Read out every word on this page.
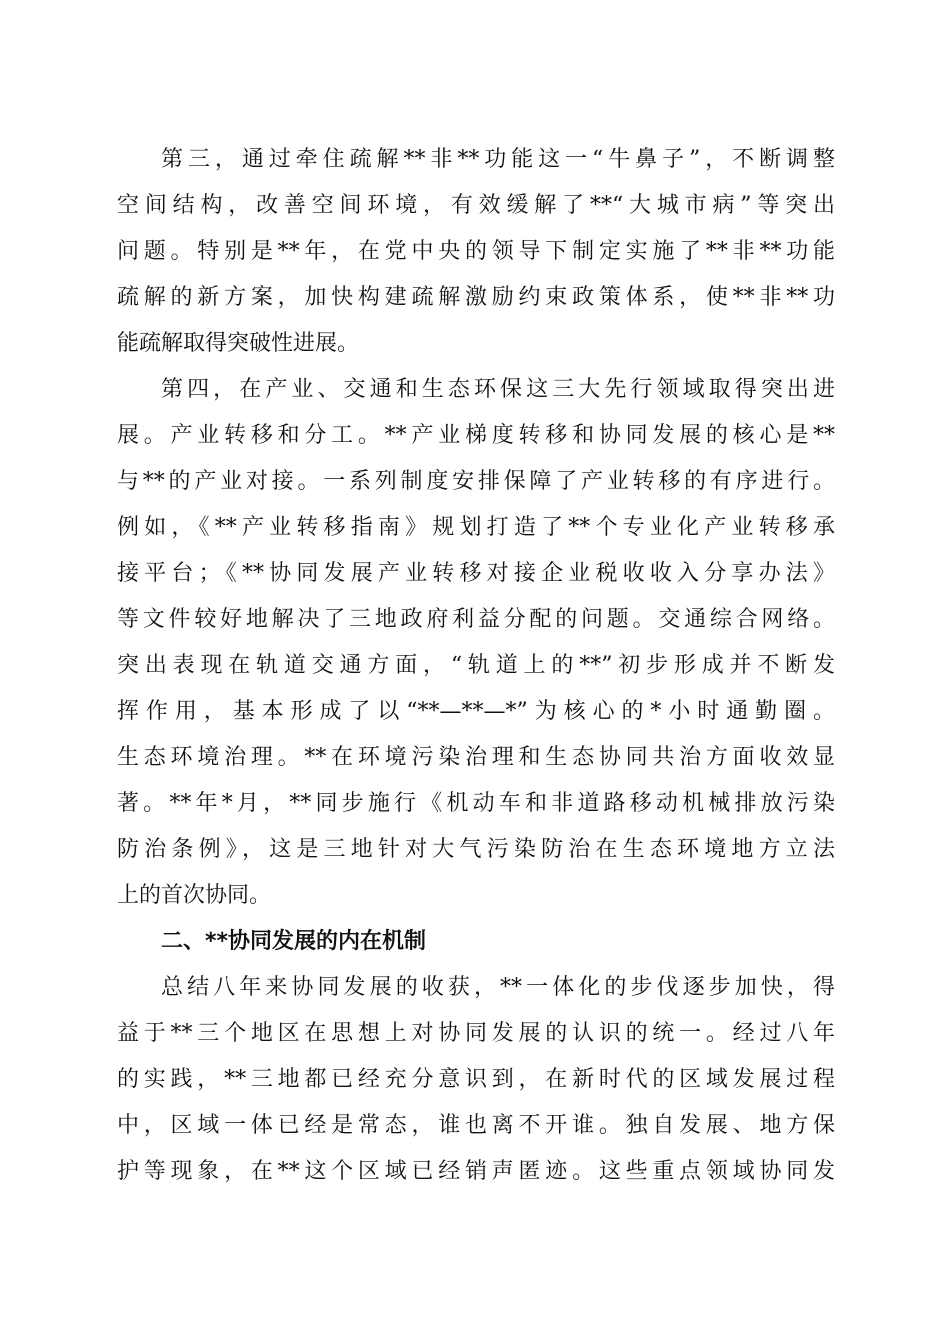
第三，通过牵住疏解**非**功能这一“牛鼻子”，不断调整
空间结构，改善空间环境，有效缓解了**“大城市病”等突出
问题。特别是**年，在党中央的领导下制定实施了**非**功能
疏解的新方案，加快构建疏解激励约束政策体系，使**非**功
能疏解取得突破性进展。
第四，在产业、交通和生态环保这三大先行领域取得突出进
展。产业转移和分工。**产业梯度转移和协同发展的核心是**
与**的产业对接。一系列制度安排保障了产业转移的有序进行。
例如，《**产业转移指南》规划打造了**个专业化产业转移承
接平台；《**协同发展产业转移对接企业税收收入分享办法》
等文件较好地解决了三地政府利益分配的问题。交通综合网络。
突出表现在轨道交通方面，“轨道上的**”初步形成并不断发
挥作用，基本形成了以“**—**—*”为核心的*小时通勤圈。
生态环境治理。**在环境污染治理和生态协同共治方面收效显
著。**年*月，**同步施行《机动车和非道路移动机械排放污染
防治条例》，这是三地针对大气污染防治在生态环境地方立法
上的首次协同。
二、**协同发展的内在机制
总结八年来协同发展的收获，**一体化的步伐逐步加快，得
益于**三个地区在思想上对协同发展的认识的统一。经过八年
的实践，**三地都已经充分意识到，在新时代的区域发展过程
中，区域一体已经是常态，谁也离不开谁。独自发展、地方保
护等现象，在**这个区域已经销声匿迹。这些重点领域协同发
